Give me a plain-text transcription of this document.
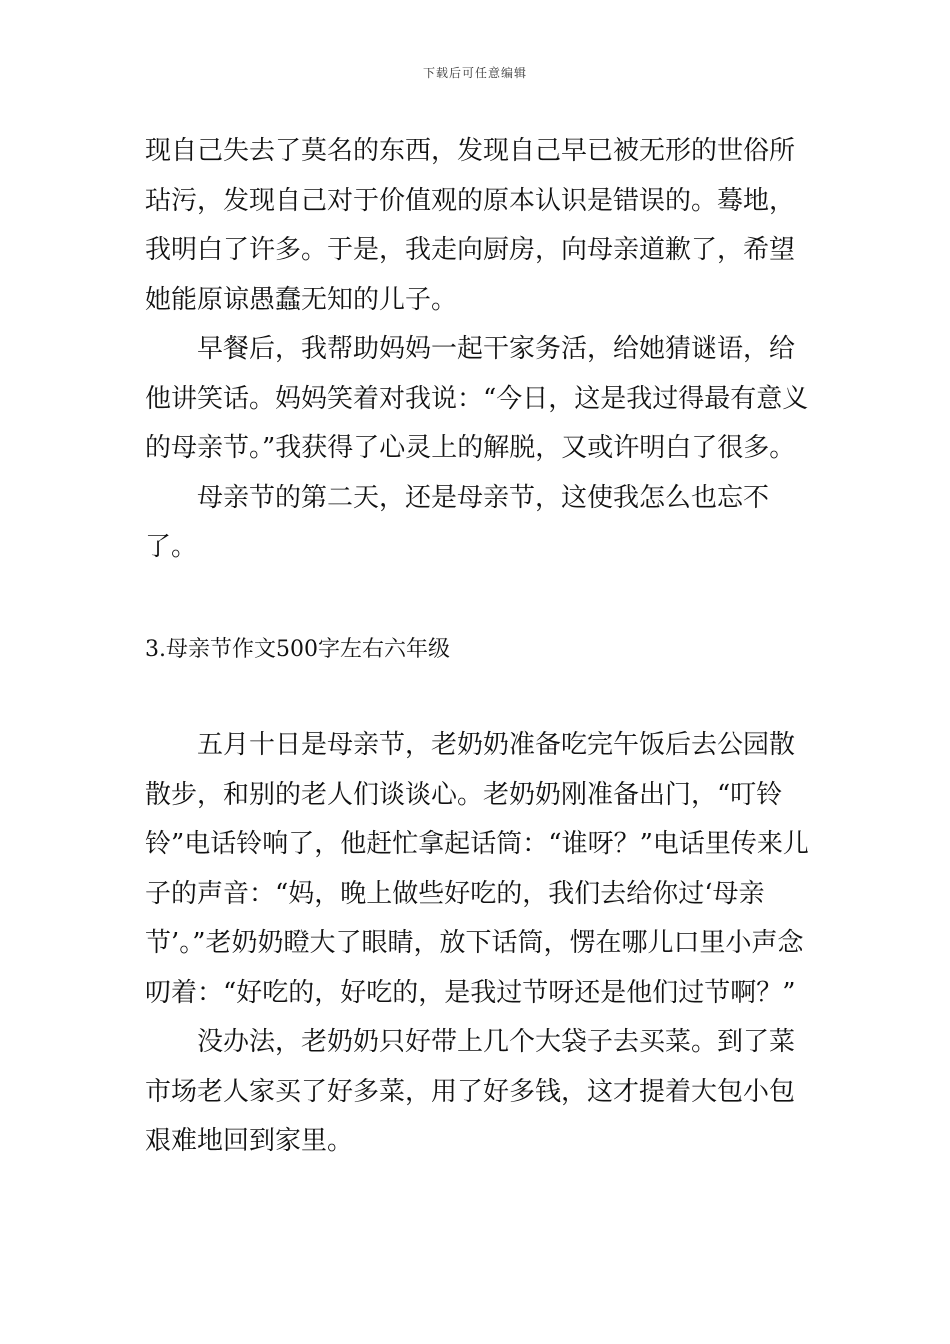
下载后可任意编辑

现自己失去了莫名的东西，发现自己早已被无形的世俗所玷污，发现自己对于价值观的原本认识是错误的。蓦地，我明白了许多。于是，我走向厨房，向母亲道歉了，希望她能原谅愚蠢无知的儿子。

早餐后，我帮助妈妈一起干家务活，给她猜谜语，给他讲笑话。妈妈笑着对我说：“今日，这是我过得最有意义的母亲节。”我获得了心灵上的解脱，又或许明白了很多。

母亲节的第二天，还是母亲节，这使我怎么也忘不了。

3.母亲节作文500字左右六年级

五月十日是母亲节，老奶奶准备吃完午饭后去公园散散步，和别的老人们谈谈心。老奶奶刚准备出门，“叮铃铃”电话铃响了，他赶忙拿起话筒：“谁呀？”电话里传来儿子的声音：“妈，晚上做些好吃的，我们去给你过‘母亲节’。”老奶奶瞪大了眼睛，放下话筒，愣在哪儿口里小声念叨着：“好吃的，好吃的，是我过节呀还是他们过节啊？”

没办法，老奶奶只好带上几个大袋子去买菜。到了菜市场老人家买了好多菜，用了好多钱，这才提着大包小包艰难地回到家里。
